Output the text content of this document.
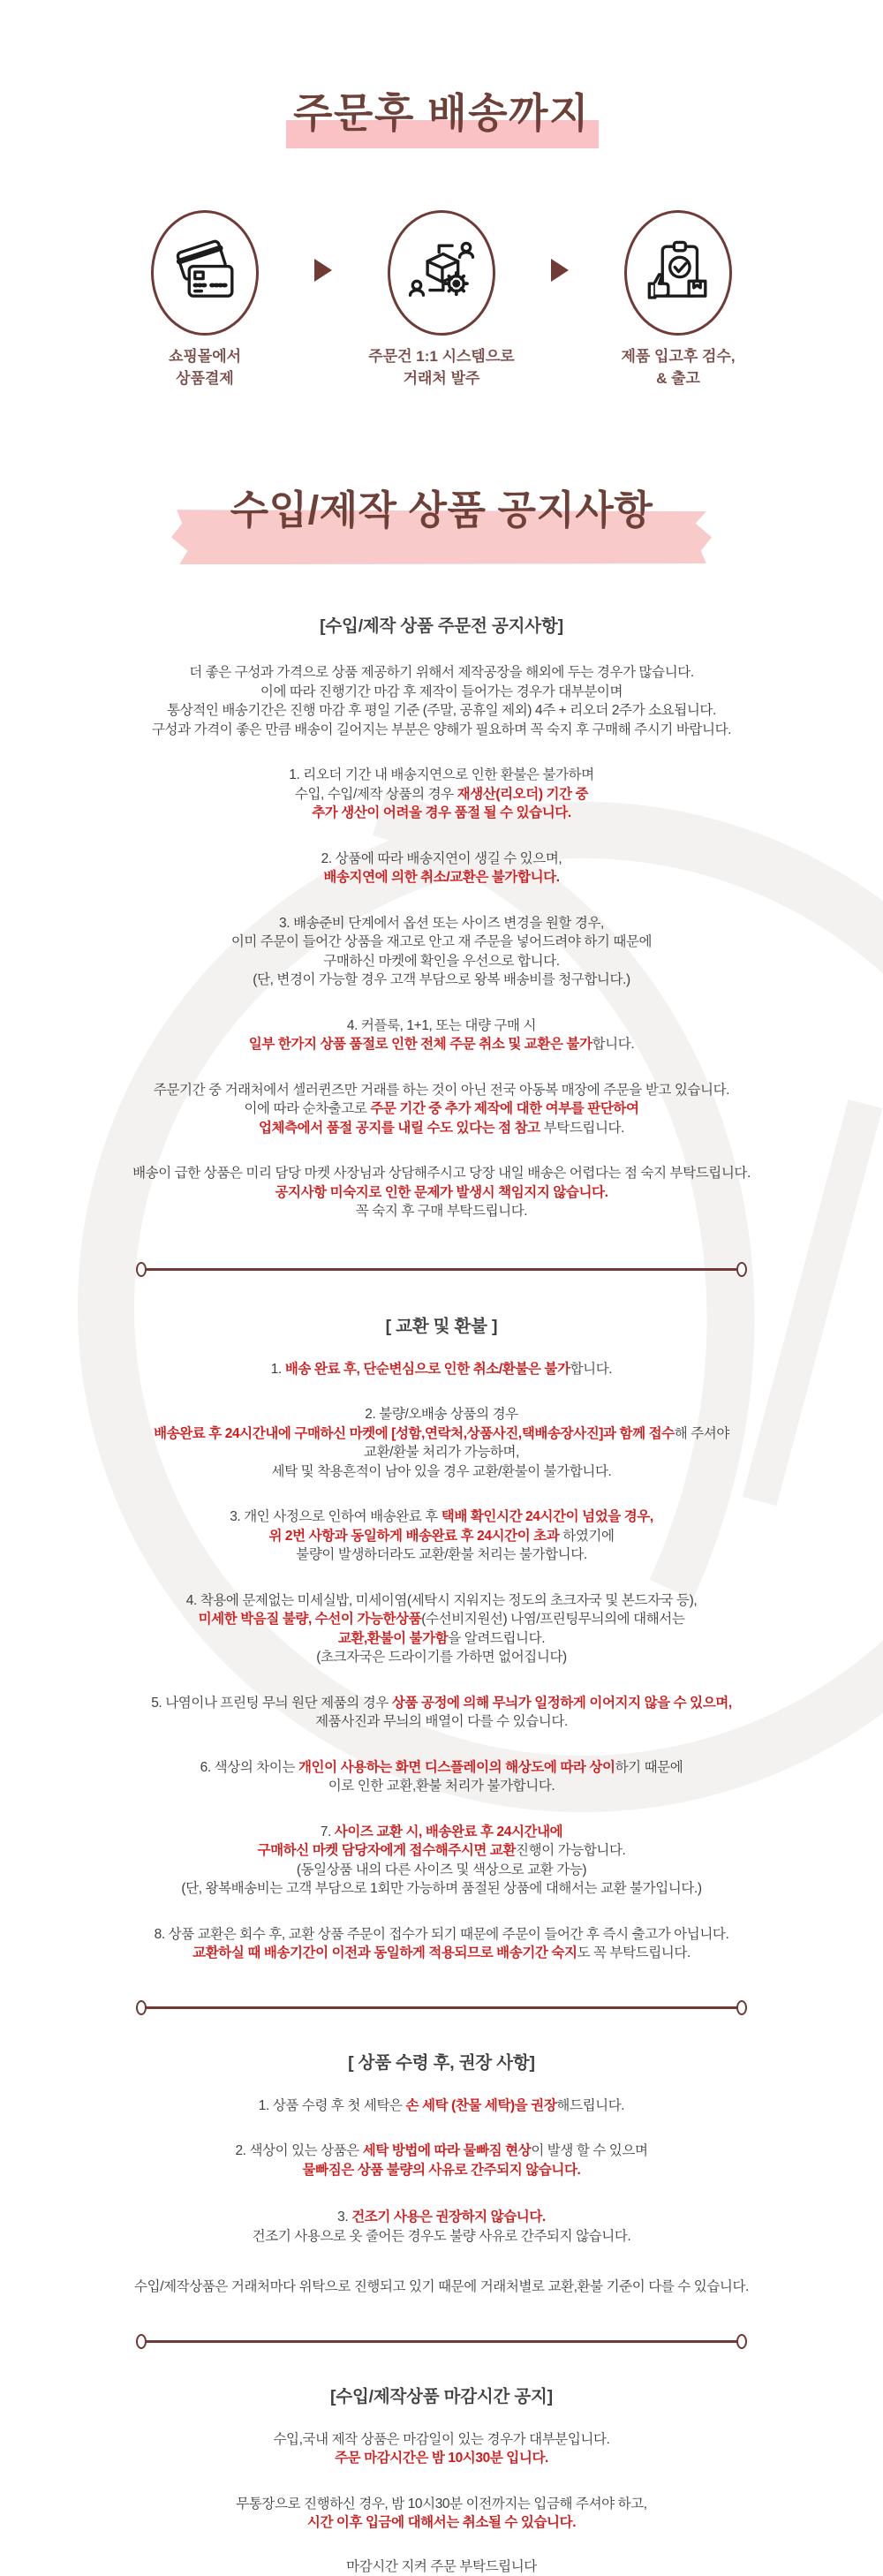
주문후 배송까지
쇼핑몰에서
상품결제
주문건 1:1 시스템으로
거래처 발주
제품 입고후 검수,
& 출고
수입/제작 상품 공지사항

[수입/제작 상품 주문전 공지사항]

더 좋은 구성과 가격으로 상품 제공하기 위해서 제작공장을 해외에 두는 경우가 많습니다.

이에 따라 진행기간 마감 후 제작이 들어가는 경우가 대부분이며

통상적인 배송기간은 진행 마감 후 평일 기준 (주말, 공휴일 제외) 4주 + 리오더 2주가 소요됩니다.

구성과 가격이 좋은 만큼 배송이 길어지는 부분은 양해가 필요하며 꼭 숙지 후 구매해 주시기 바랍니다.

1. 리오더 기간 내 배송지연으로 인한 환불은 불가하며

수입, 수입/제작 상품의 경우 재생산(리오더) 기간 중

추가 생산이 어려울 경우 품절 될 수 있습니다.

2. 상품에 따라 배송지연이 생길 수 있으며,

배송지연에 의한 취소/교환은 불가합니다.

3. 배송준비 단계에서 옵션 또는 사이즈 변경을 원할 경우,

이미 주문이 들어간 상품을 재고로 안고 재 주문을 넣어드려야 하기 때문에

구매하신 마켓에 확인을 우선으로 합니다.

(단, 변경이 가능할 경우 고객 부담으로 왕복 배송비를 청구합니다.)

4. 커플룩, 1+1, 또는 대량 구매 시

일부 한가지 상품 품절로 인한 전체 주문 취소 및 교환은 불가합니다.

주문기간 중 거래처에서 셀러퀸즈만 거래를 하는 것이 아닌 전국 아동복 매장에 주문을 받고 있습니다.

이에 따라 순차출고로 주문 기간 중 추가 제작에 대한 여부를 판단하여

업체측에서 품절 공지를 내릴 수도 있다는 점 참고 부탁드립니다.

배송이 급한 상품은 미리 담당 마켓 사장님과 상담해주시고 당장 내일 배송은 어렵다는 점 숙지 부탁드립니다.

공지사항 미숙지로 인한 문제가 발생시 책임지지 않습니다.

꼭 숙지 후 구매 부탁드립니다.

[ 교환 및 환불 ]

1. 배송 완료 후, 단순변심으로 인한 취소/환불은 불가합니다.

2. 불량/오배송 상품의 경우

배송완료 후 24시간내에 구매하신 마켓에 [성함,연락처,상품사진,택배송장사진]과 함께 접수해 주셔야

교환/환불 처리가 가능하며,

세탁 및 착용흔적이 남아 있을 경우 교환/환불이 불가합니다.

3. 개인 사정으로 인하여 배송완료 후 택배 확인시간 24시간이 넘었을 경우,

위 2번 사항과 동일하게 배송완료 후 24시간이 초과 하였기에

불량이 발생하더라도 교환/환불 처리는 불가합니다.

4. 착용에 문제없는 미세실밥, 미세이염(세탁시 지워지는 정도의 초크자국 및 본드자국 등),

미세한 박음질 불량, 수선이 가능한상품(수선비지원선) 나염/프린팅무늬의에 대해서는

교환,환불이 불가함을 알려드립니다.

(초크자국은 드라이기를 가하면 없어집니다)

5. 나염이나 프린팅 무늬 원단 제품의 경우 상품 공정에 의해 무늬가 일정하게 이어지지 않을 수 있으며,

제품사진과 무늬의 배열이 다를 수 있습니다.

6. 색상의 차이는 개인이 사용하는 화면 디스플레이의 해상도에 따라 상이하기 때문에

이로 인한 교환,환불 처리가 불가합니다.

7. 사이즈 교환 시, 배송완료 후 24시간내에

구매하신 마켓 담당자에게 접수해주시면 교환진행이 가능합니다.

(동일상품 내의 다른 사이즈 및 색상으로 교환 가능)

(단, 왕복배송비는 고객 부담으로 1회만 가능하며 품절된 상품에 대해서는 교환 불가입니다.)

8. 상품 교환은 회수 후, 교환 상품 주문이 접수가 되기 때문에 주문이 들어간 후 즉시 출고가 아닙니다.

교환하실 때 배송기간이 이전과 동일하게 적용되므로 배송기간 숙지도 꼭 부탁드립니다.

[ 상품 수령 후, 권장 사항]

1. 상품 수령 후 첫 세탁은 손 세탁 (찬물 세탁)을 권장해드립니다.

2. 색상이 있는 상품은 세탁 방법에 따라 물빠짐 현상이 발생 할 수 있으며

물빠짐은 상품 불량의 사유로 간주되지 않습니다.

3. 건조기 사용은 권장하지 않습니다.

건조기 사용으로 옷 줄어든 경우도 불량 사유로 간주되지 않습니다.

수입/제작상품은 거래처마다 위탁으로 진행되고 있기 때문에 거래처별로 교환,환불 기준이 다를 수 있습니다.

[수입/제작상품 마감시간 공지]

수입,국내 제작 상품은 마감일이 있는 경우가 대부분입니다.

주문 마감시간은 밤 10시30분 입니다.

무통장으로 진행하신 경우, 밤 10시30분 이전까지는 입금해 주셔야 하고,

시간 이후 입금에 대해서는 취소될 수 있습니다.

마감시간 지켜 주문 부탁드립니다
